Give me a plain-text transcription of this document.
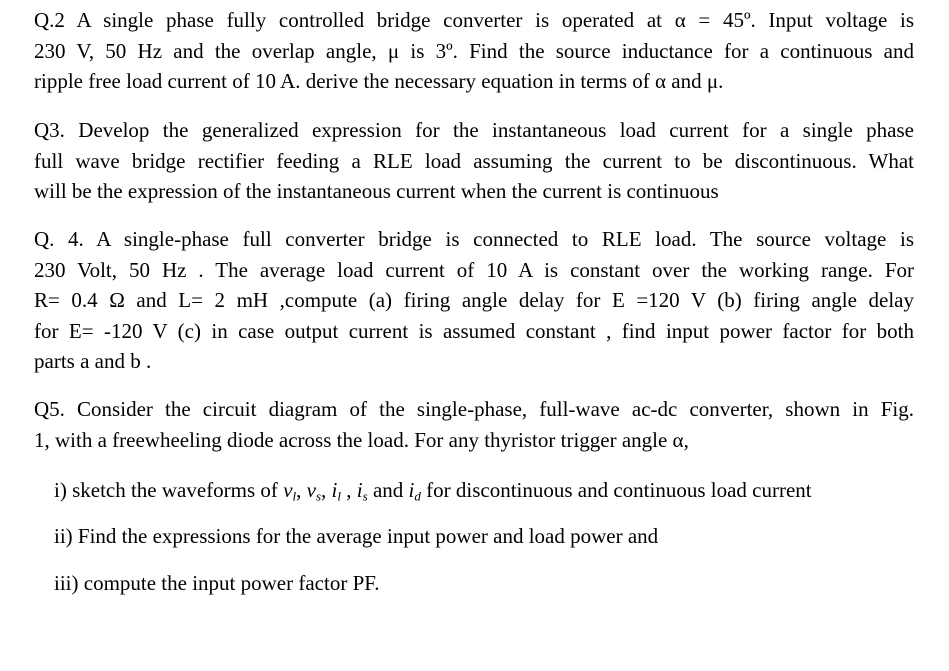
Q.2 A single phase fully controlled bridge converter is operated at α = 45º. Input voltage is
230 V, 50 Hz and the overlap angle, μ is 3º. Find the source inductance for a continuous and
ripple free load current of 10 A. derive the necessary equation in terms of α and μ.
Q3. Develop the generalized expression for the instantaneous load current for a single phase
full wave bridge rectifier feeding a RLE load assuming the current to be discontinuous. What
will be the expression of the instantaneous current when the current is continuous
Q. 4. A single-phase full converter bridge is connected to RLE load. The source voltage is
230 Volt, 50 Hz . The average load current of 10 A is constant over the working range. For
R= 0.4 Ω and L= 2 mH ,compute (a) firing angle delay for E =120 V (b) firing angle delay
for E= -120 V (c) in case output current is assumed constant , find input power factor for both
parts a and b .
Q5. Consider the circuit diagram of the single-phase, full-wave ac-dc converter, shown in Fig.
1, with a freewheeling diode across the load. For any thyristor trigger angle α,
i) sketch the waveforms of $v_l$, $v_s$, $i_l$ , $i_s$ and $i_d$ for discontinuous and continuous load current
ii) Find the expressions for the average input power and load power and
iii) compute the input power factor PF.
